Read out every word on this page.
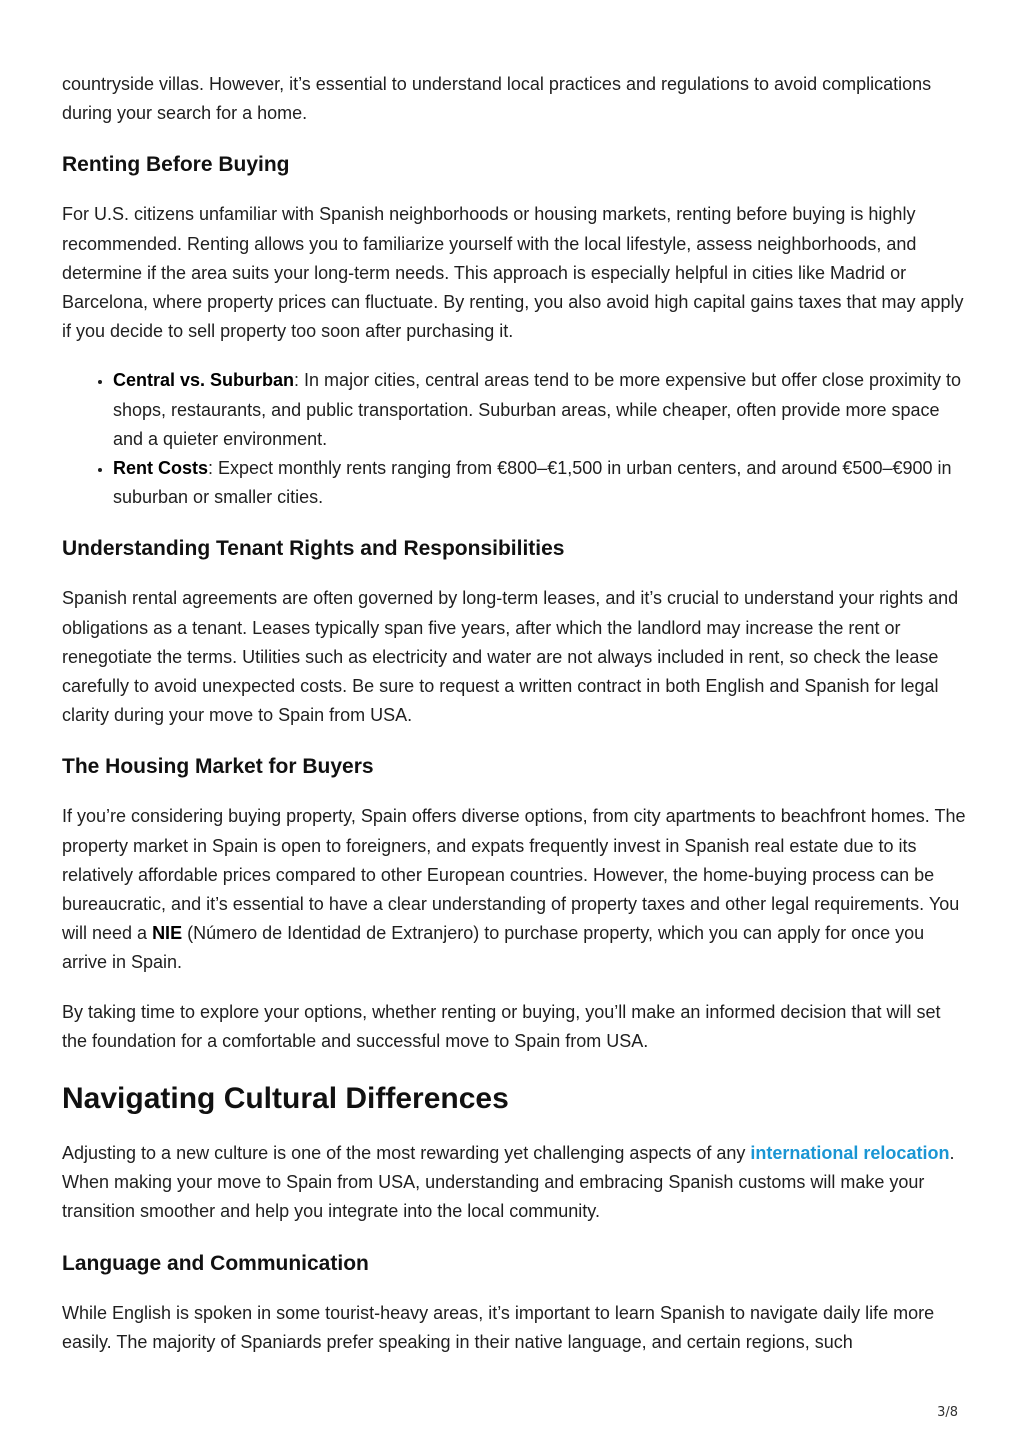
countryside villas. However, it’s essential to understand local practices and regulations to avoid complications during your search for a home.

Renting Before Buying

For U.S. citizens unfamiliar with Spanish neighborhoods or housing markets, renting before buying is highly recommended. Renting allows you to familiarize yourself with the local lifestyle, assess neighborhoods, and determine if the area suits your long-term needs. This approach is especially helpful in cities like Madrid or Barcelona, where property prices can fluctuate. By renting, you also avoid high capital gains taxes that may apply if you decide to sell property too soon after purchasing it.

• Central vs. Suburban: In major cities, central areas tend to be more expensive but offer close proximity to shops, restaurants, and public transportation. Suburban areas, while cheaper, often provide more space and a quieter environment.
• Rent Costs: Expect monthly rents ranging from €800–€1,500 in urban centers, and around €500–€900 in suburban or smaller cities.
Understanding Tenant Rights and Responsibilities

Spanish rental agreements are often governed by long-term leases, and it’s crucial to understand your rights and obligations as a tenant. Leases typically span five years, after which the landlord may increase the rent or renegotiate the terms. Utilities such as electricity and water are not always included in rent, so check the lease carefully to avoid unexpected costs. Be sure to request a written contract in both English and Spanish for legal clarity during your move to Spain from USA.

The Housing Market for Buyers

If you’re considering buying property, Spain offers diverse options, from city apartments to beachfront homes. The property market in Spain is open to foreigners, and expats frequently invest in Spanish real estate due to its relatively affordable prices compared to other European countries. However, the home-buying process can be bureaucratic, and it’s essential to have a clear understanding of property taxes and other legal requirements. You will need a NIE (Número de Identidad de Extranjero) to purchase property, which you can apply for once you arrive in Spain.

By taking time to explore your options, whether renting or buying, you’ll make an informed decision that will set the foundation for a comfortable and successful move to Spain from USA.

Navigating Cultural Differences

Adjusting to a new culture is one of the most rewarding yet challenging aspects of any international relocation. When making your move to Spain from USA, understanding and embracing Spanish customs will make your transition smoother and help you integrate into the local community.

Language and Communication

While English is spoken in some tourist-heavy areas, it’s important to learn Spanish to navigate daily life more easily. The majority of Spaniards prefer speaking in their native language, and certain regions, such

3/8
